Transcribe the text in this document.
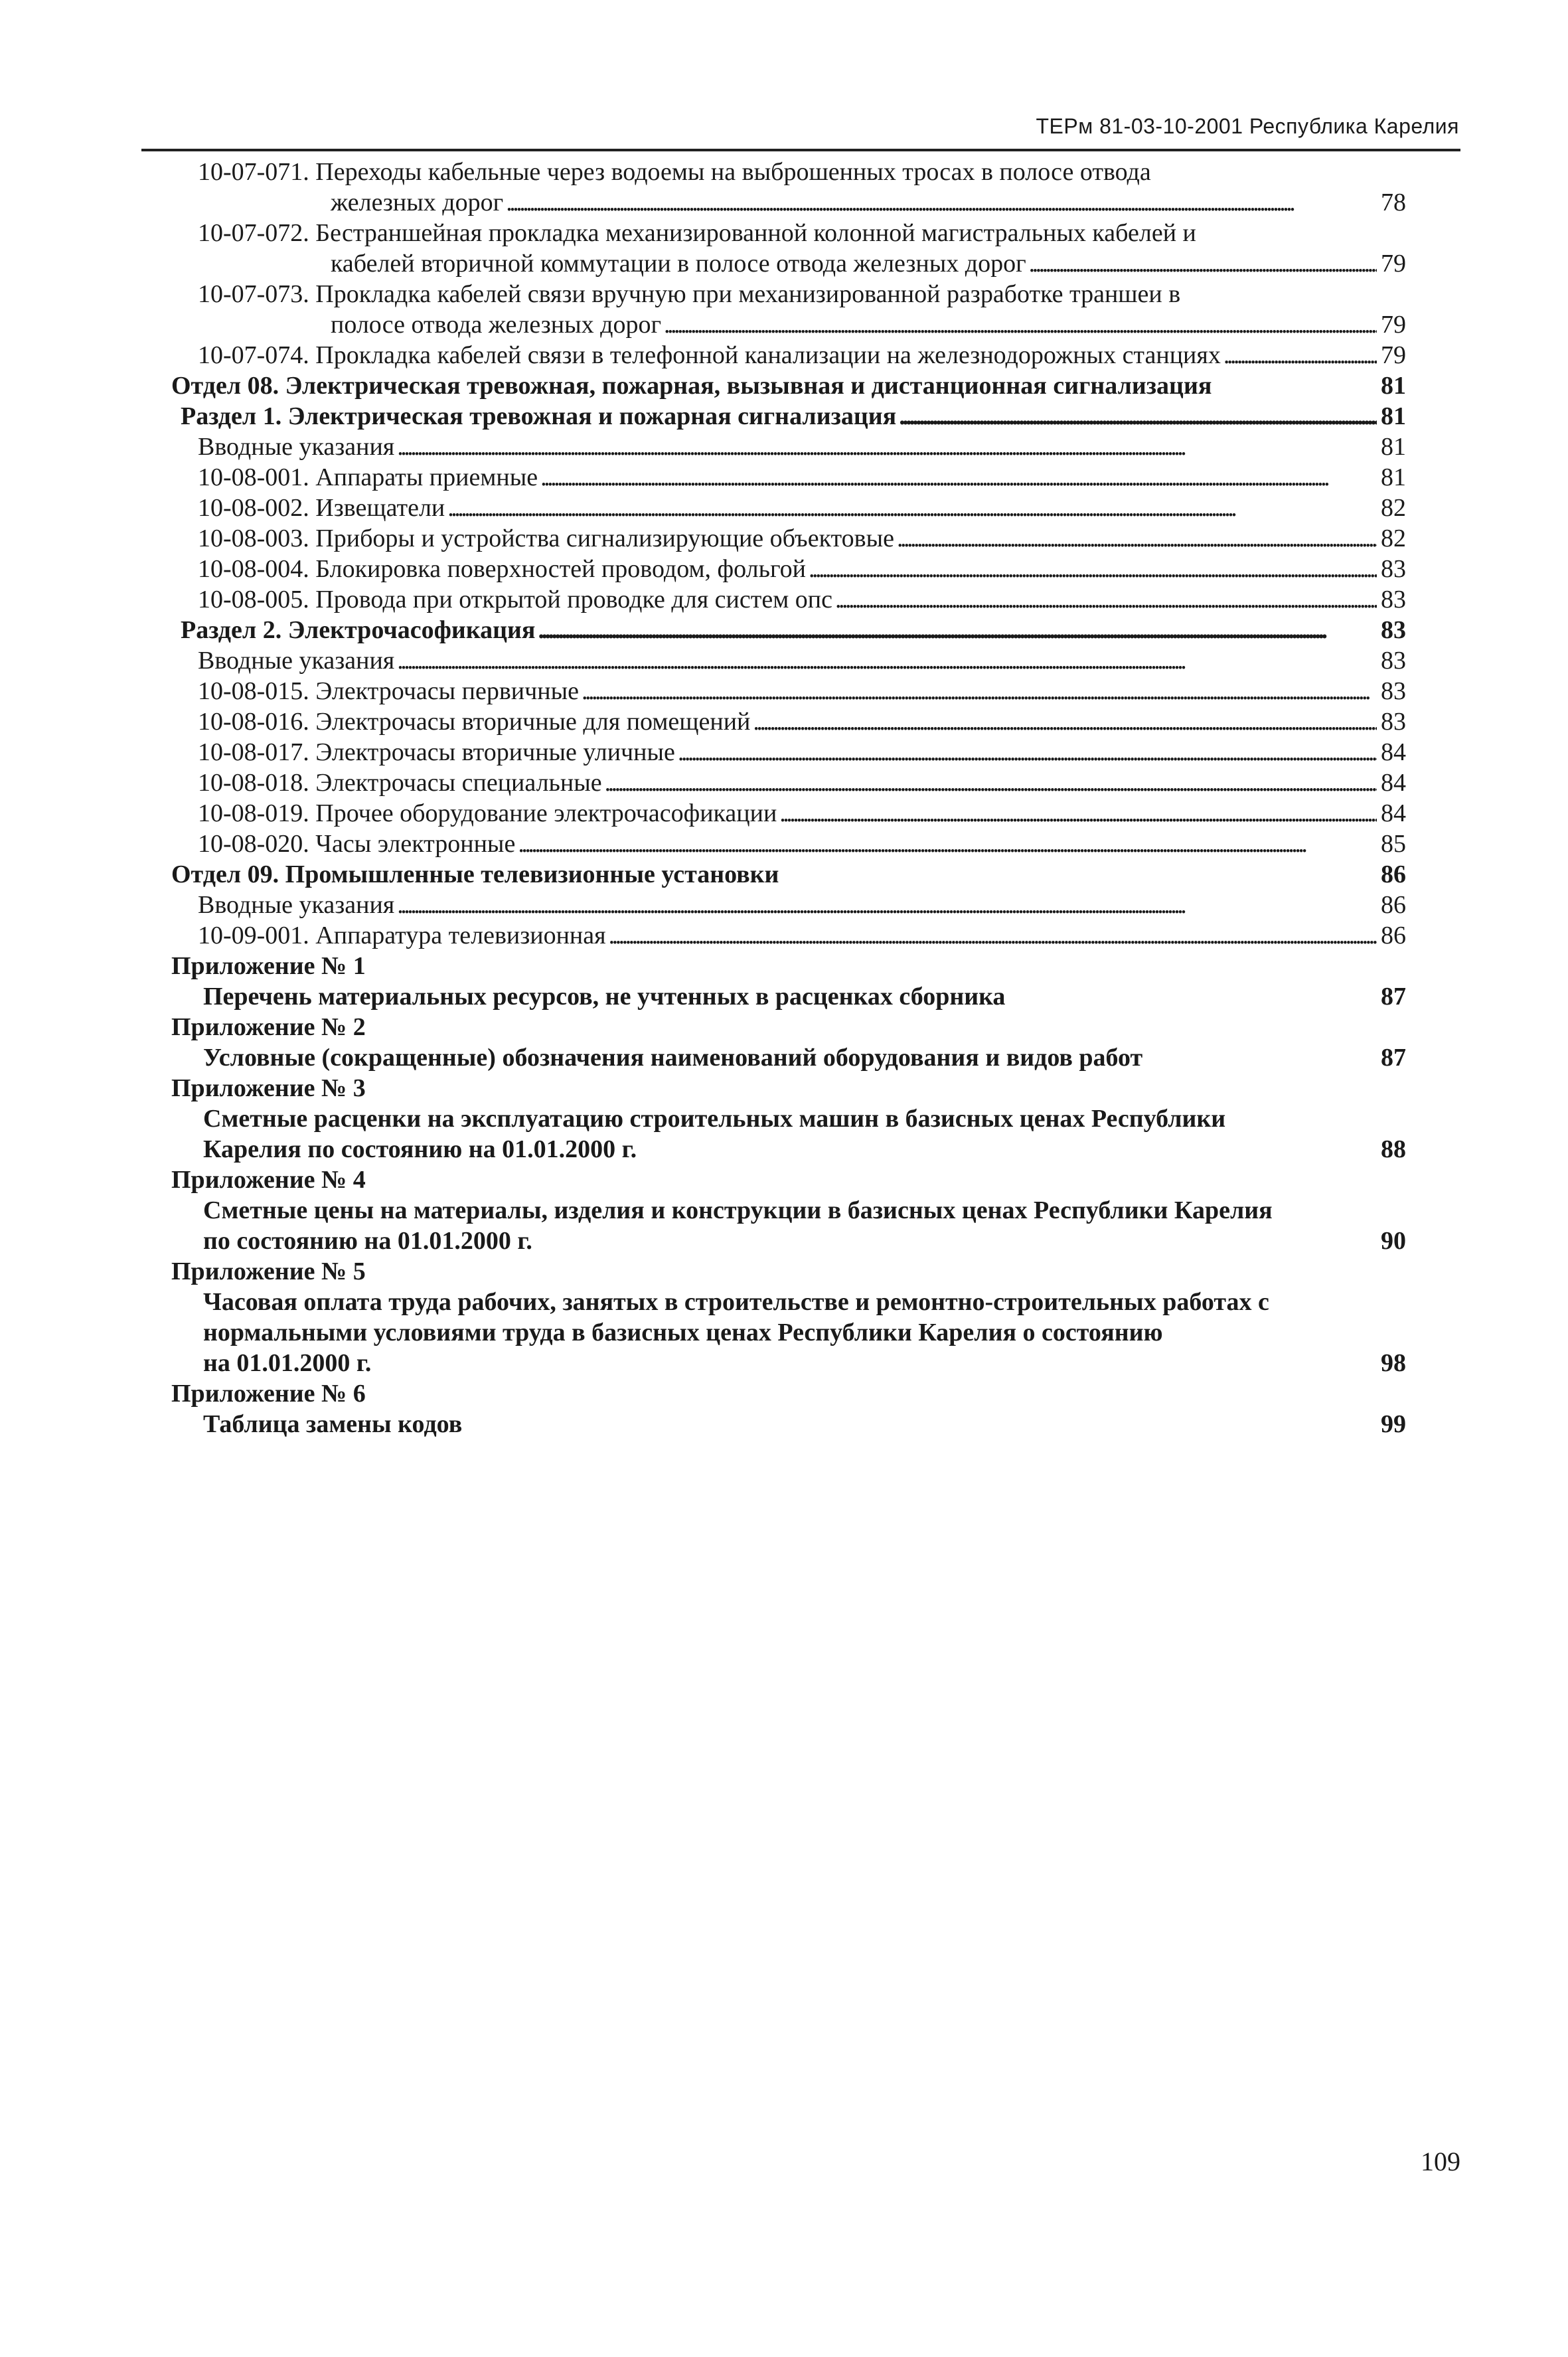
ТЕРм 81-03-10-2001 Республика Карелия
10-07-071. Переходы кабельные через водоемы на выброшенных тросах в полосе отвода
железных дорог . . .	78
10-07-072. Бестраншейная прокладка механизированной колонной магистральных кабелей и
кабелей вторичной коммутации в полосе отвода железных дорог . . .	79
10-07-073. Прокладка кабелей связи вручную при механизированной разработке траншеи в
полосе отвода железных дорог . . .	79
10-07-074. Прокладка кабелей связи в телефонной канализации на железнодорожных станциях . . .	79
Отдел 08. Электрическая тревожная, пожарная, вызывная и дистанционная сигнализация	81
Раздел 1. Электрическая тревожная и пожарная сигнализация . . .	81
Вводные указания . . .	81
10-08-001. Аппараты приемные . . .	81
10-08-002. Извещатели . . .	82
10-08-003. Приборы и устройства сигнализирующие объектовые . . .	82
10-08-004. Блокировка поверхностей проводом, фольгой . . .	83
10-08-005. Провода при открытой проводке для систем опс . . .	83
Раздел 2. Электрочасофикация . . .	83
Вводные указания . . .	83
10-08-015. Электрочасы первичные . . .	83
10-08-016. Электрочасы вторичные для помещений . . .	83
10-08-017. Электрочасы вторичные уличные . . .	84
10-08-018. Электрочасы специальные . . .	84
10-08-019. Прочее оборудование электрочасофикации . . .	84
10-08-020. Часы электронные . . .	85
Отдел 09. Промышленные телевизионные установки	86
Вводные указания . . .	86
10-09-001. Аппаратура телевизионная . . .	86
Приложение № 1
Перечень материальных ресурсов, не учтенных в расценках сборника	87
Приложение № 2
Условные (сокращенные) обозначения наименований оборудования и видов работ	87
Приложение № 3
Сметные расценки на эксплуатацию строительных машин в базисных ценах Республики
Карелия по состоянию на 01.01.2000 г.	88
Приложение № 4
Сметные цены на материалы, изделия и конструкции в базисных ценах Республики Карелия
по состоянию на 01.01.2000 г.	90
Приложение № 5
Часовая оплата труда рабочих, занятых в строительстве и ремонтно-строительных работах с
нормальными условиями труда в базисных ценах Республики Карелия о состоянию
на 01.01.2000 г.	98
Приложение № 6
Таблица замены кодов	99
109
